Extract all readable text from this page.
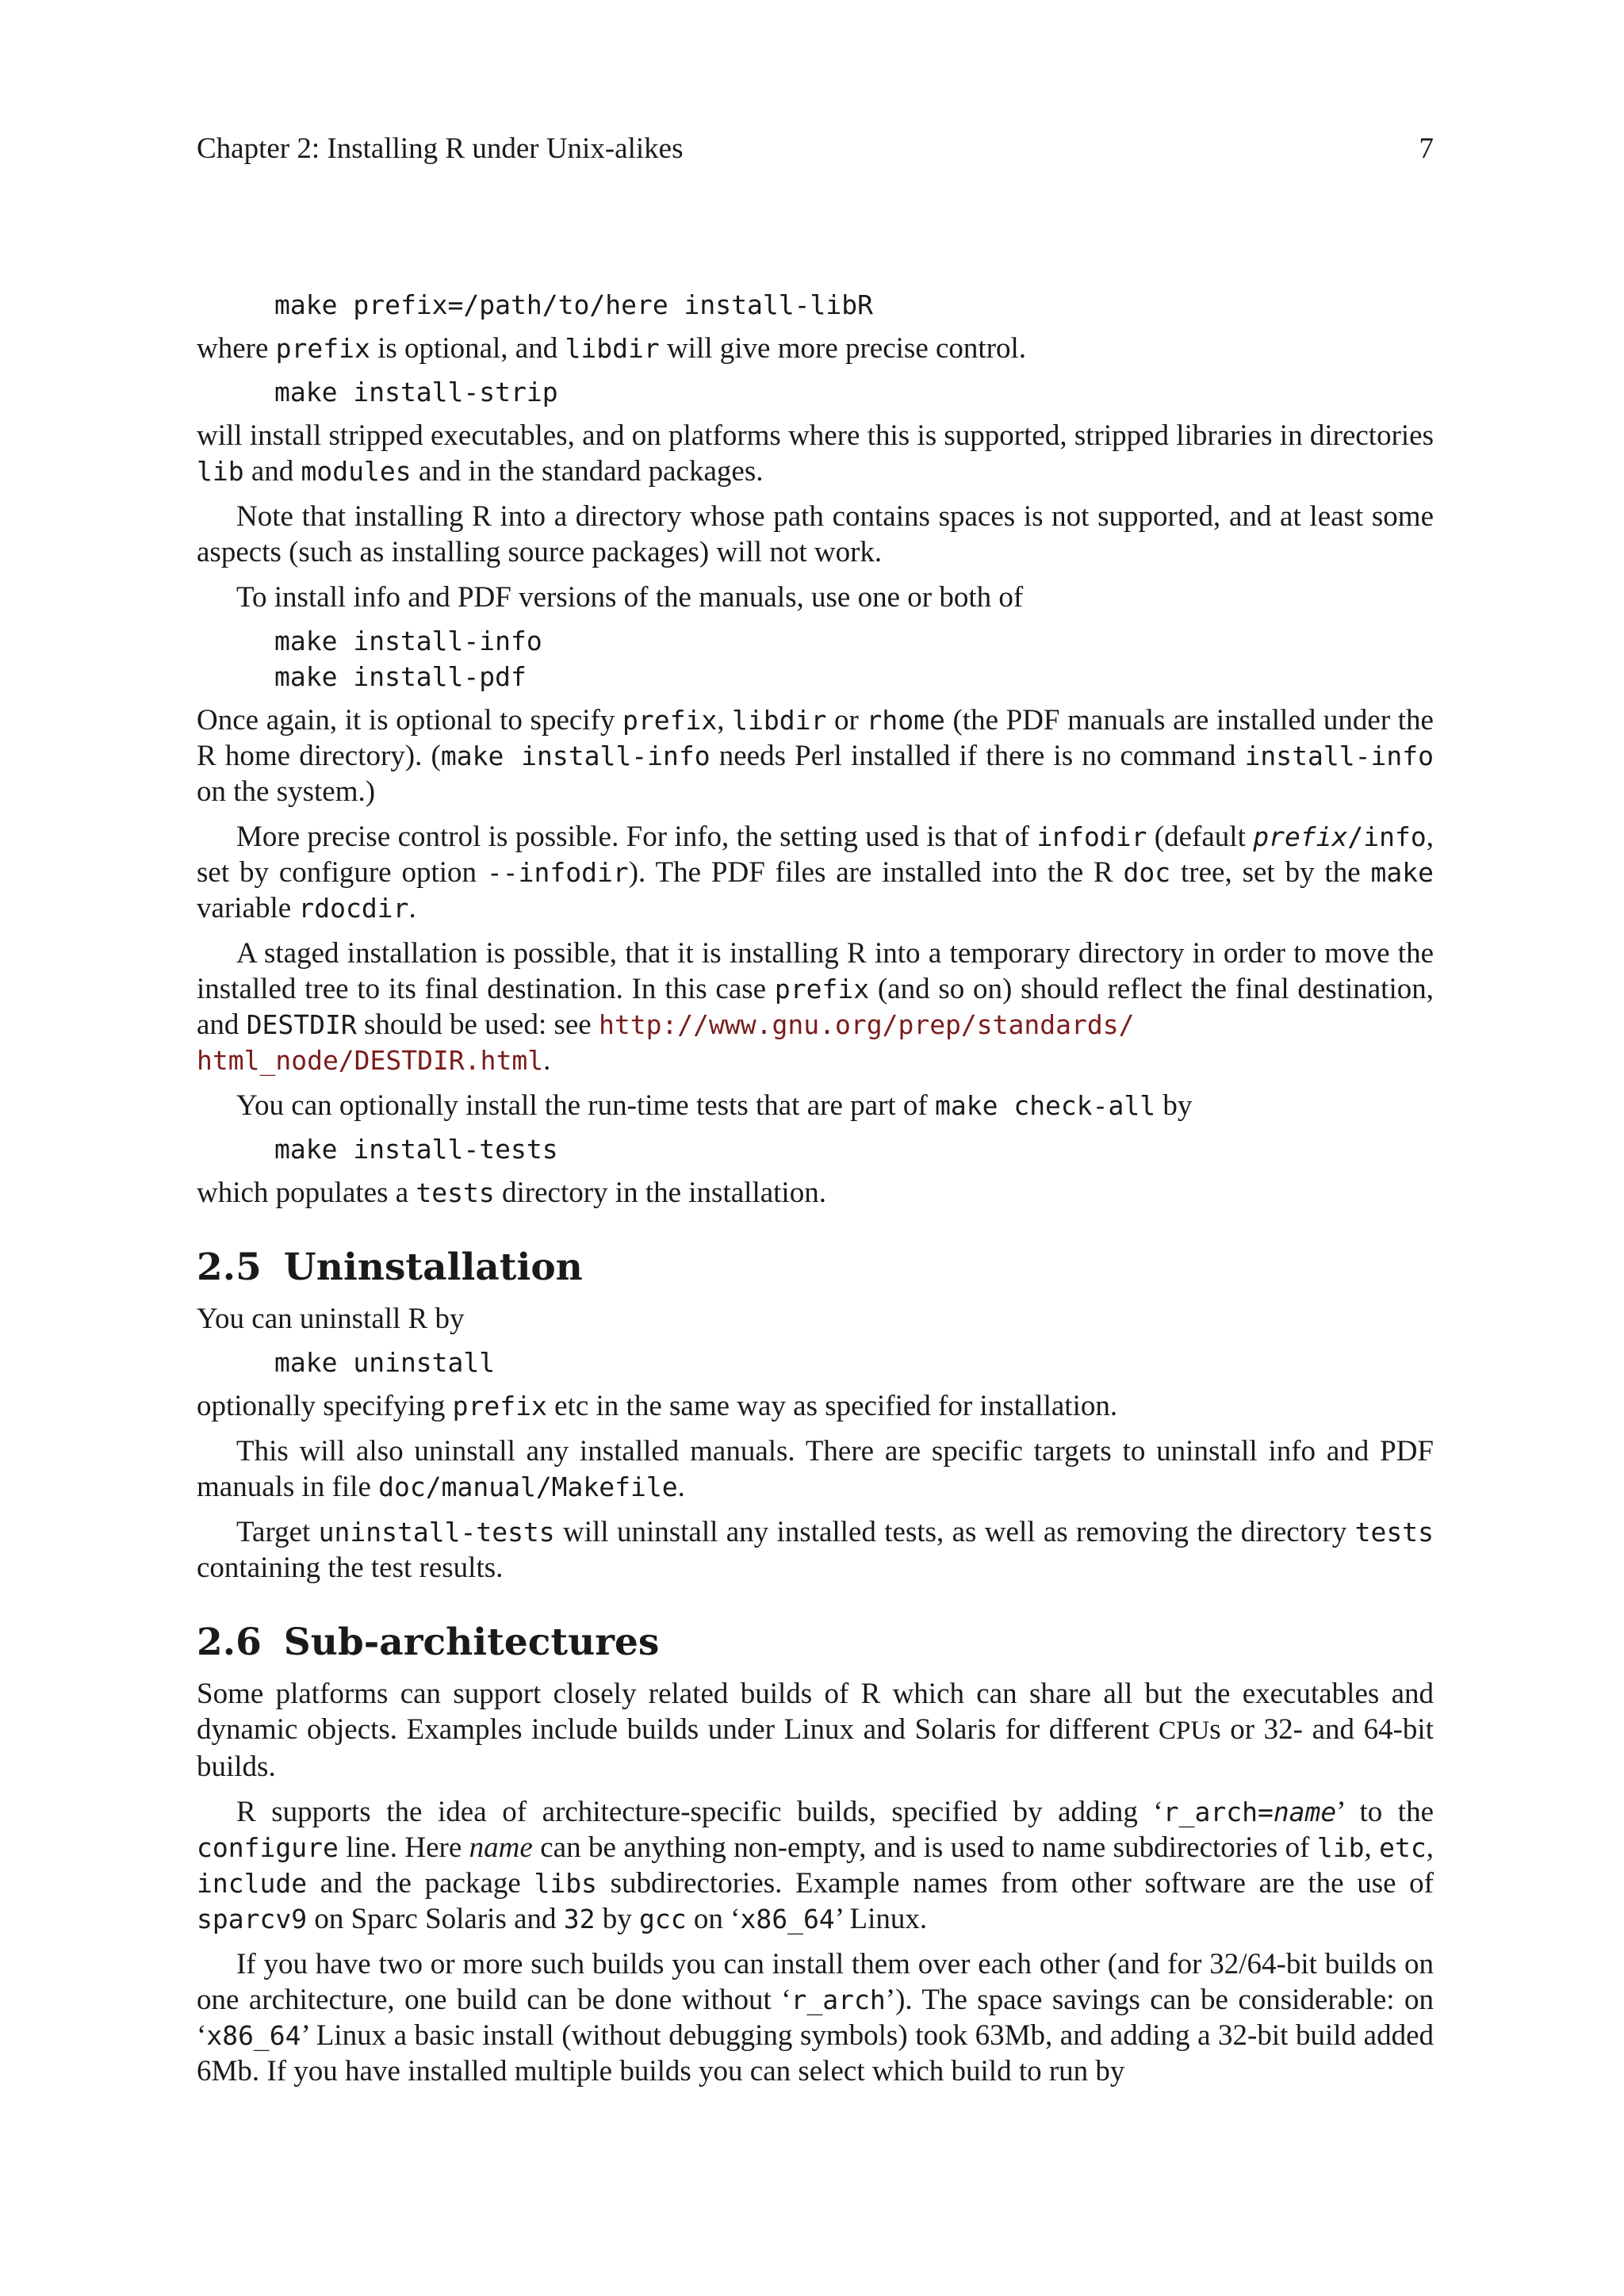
Chapter 2: Installing R under Unix-alikes	7
make prefix=/path/to/here install-libR

where prefix is optional, and libdir will give more precise control.

make install-strip

will install stripped executables, and on platforms where this is supported, stripped libraries in directories lib and modules and in the standard packages.

Note that installing R into a directory whose path contains spaces is not supported, and at least some aspects (such as installing source packages) will not work.

To install info and PDF versions of the manuals, use one or both of

make install-info
make install-pdf

Once again, it is optional to specify prefix, libdir or rhome (the PDF manuals are installed under the R home directory). (make install-info needs Perl installed if there is no command install-info on the system.)

More precise control is possible. For info, the setting used is that of infodir (default prefix/info, set by configure option --infodir). The PDF files are installed into the R doc tree, set by the make variable rdocdir.

A staged installation is possible, that it is installing R into a temporary directory in order to move the installed tree to its final destination. In this case prefix (and so on) should reflect the final destination, and DESTDIR should be used: see http://www.gnu.org/prep/standards/
html_node/DESTDIR.html.

You can optionally install the run-time tests that are part of make check-all by

make install-tests

which populates a tests directory in the installation.

2.5 Uninstallation

You can uninstall R by

make uninstall

optionally specifying prefix etc in the same way as specified for installation.

This will also uninstall any installed manuals. There are specific targets to uninstall info and PDF manuals in file doc/manual/Makefile.

Target uninstall-tests will uninstall any installed tests, as well as removing the directory tests containing the test results.

2.6 Sub-architectures

Some platforms can support closely related builds of R which can share all but the executables and dynamic objects. Examples include builds under Linux and Solaris for different CPUs or 32- and 64-bit builds.

R supports the idea of architecture-specific builds, specified by adding ‘r_arch=name’ to the configure line. Here name can be anything non-empty, and is used to name subdirectories of lib, etc, include and the package libs subdirectories. Example names from other software are the use of sparcv9 on Sparc Solaris and 32 by gcc on ‘x86_64’ Linux.

If you have two or more such builds you can install them over each other (and for 32/64-bit builds on one architecture, one build can be done without ‘r_arch’). The space savings can be considerable: on ‘x86_64’ Linux a basic install (without debugging symbols) took 63Mb, and adding a 32-bit build added 6Mb. If you have installed multiple builds you can select which build to run by
